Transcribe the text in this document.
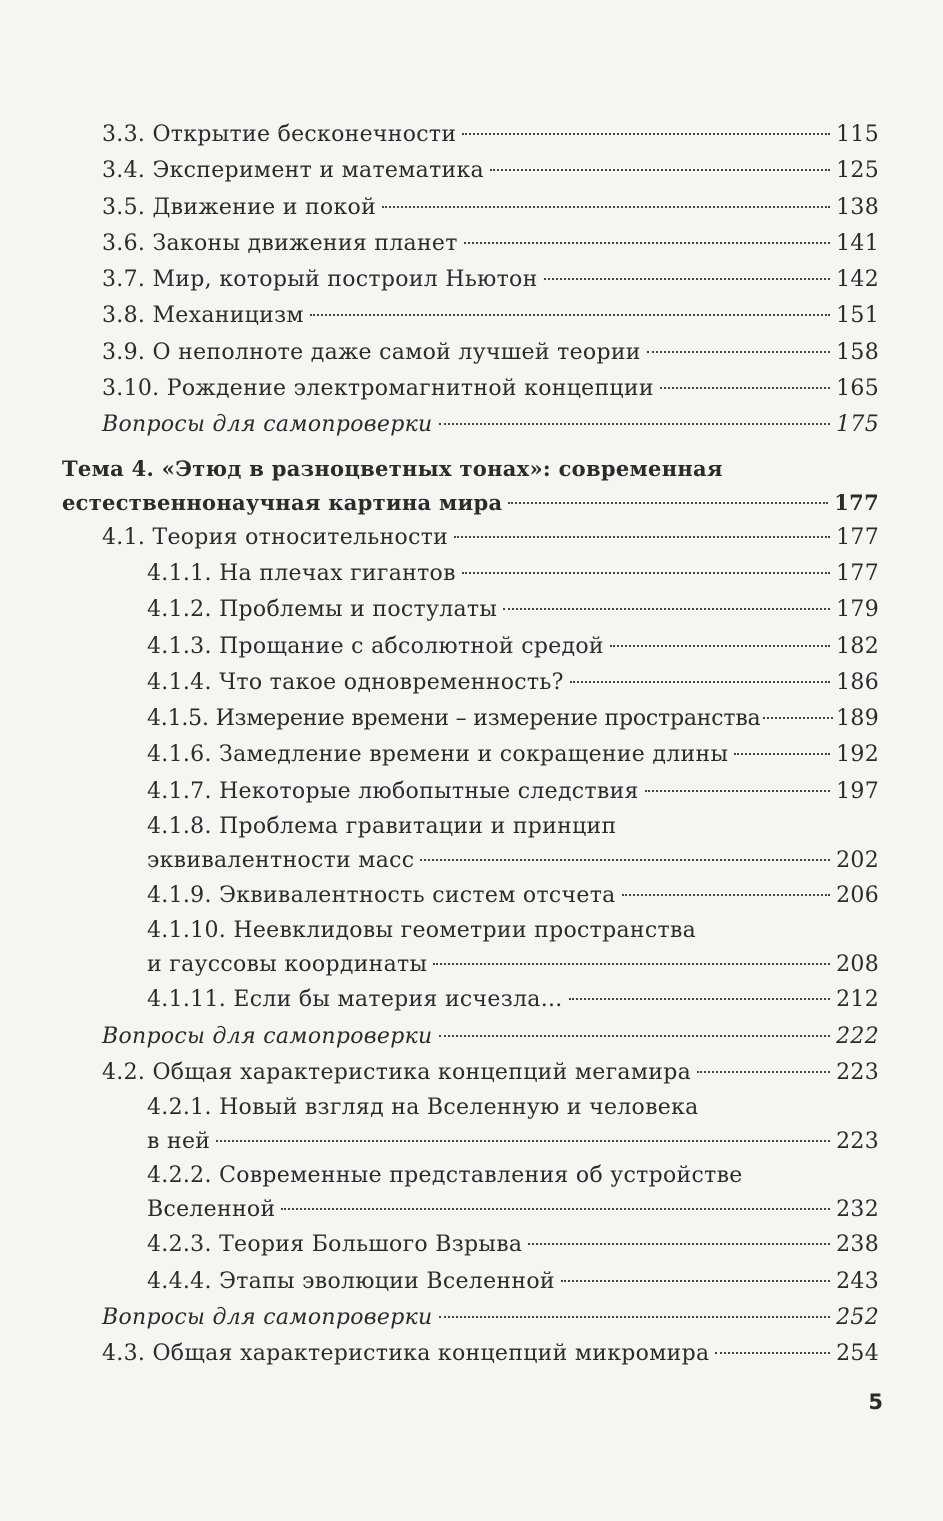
3.3. Открытие бесконечности	115
3.4. Эксперимент и математика	125
3.5. Движение и покой	138
3.6. Законы движения планет	141
3.7. Мир, который построил Ньютон	142
3.8. Механицизм	151
3.9. О неполноте даже самой лучшей теории	158
3.10. Рождение электромагнитной концепции	165
Вопросы для самопроверки	175
Тема 4. «Этюд в разноцветных тонах»: современная
естественнонаучная картина мира	177
4.1. Теория относительности	177
4.1.1. На плечах гигантов	177
4.1.2. Проблемы и постулаты	179
4.1.3. Прощание с абсолютной средой	182
4.1.4. Что такое одновременность?	186
4.1.5. Измерение времени – измерение пространства	189
4.1.6. Замедление времени и сокращение длины	192
4.1.7. Некоторые любопытные следствия	197
4.1.8. Проблема гравитации и принцип
эквивалентности масс	202
4.1.9. Эквивалентность систем отсчета	206
4.1.10. Неевклидовы геометрии пространства
и гауссовы координаты	208
4.1.11. Если бы материя исчезла...	212
Вопросы для самопроверки	222
4.2. Общая характеристика концепций мегамира	223
4.2.1. Новый взгляд на Вселенную и человека
в ней	223
4.2.2. Современные представления об устройстве
Вселенной	232
4.2.3. Теория Большого Взрыва	238
4.4.4. Этапы эволюции Вселенной	243
Вопросы для самопроверки	252
4.3. Общая характеристика концепций микромира	254
5
